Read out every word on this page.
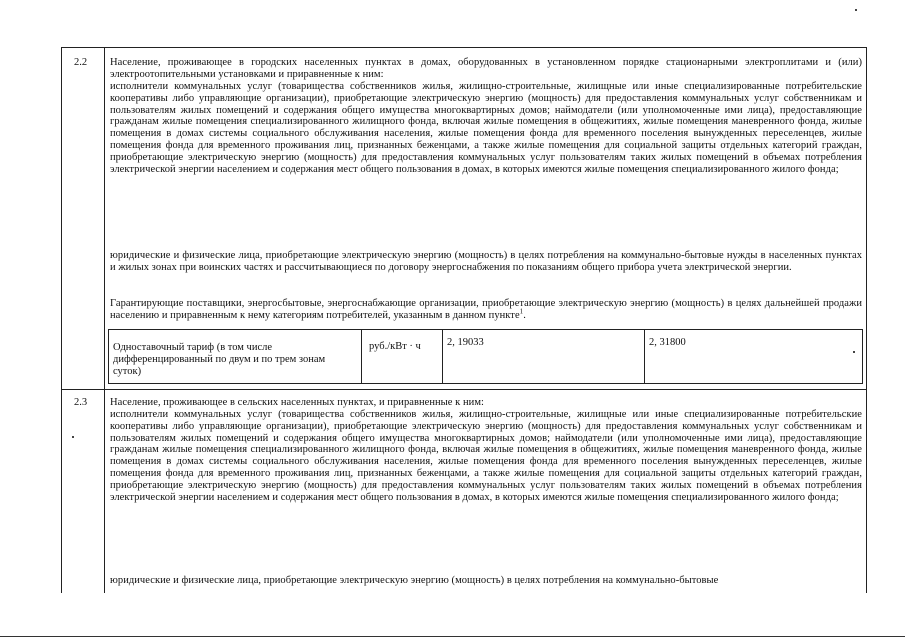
2.2 Население, проживающее в городских населенных пунктах в домах, оборудованных в установленном порядке стационарными электроплитами и (или) электроотопительными установками и приравненные к ним:
исполнители коммунальных услуг (товарищества собственников жилья, жилищно-строительные, жилищные или иные специализированные потребительские кооперативы либо управляющие организации), приобретающие электрическую энергию (мощность) для предоставления коммунальных услуг собственникам и пользователям жилых помещений и содержания общего имущества многоквартирных домов; наймодатели (или уполномоченные ими лица), предоставляющие гражданам жилые помещения специализированного жилищного фонда, включая жилые помещения в общежитиях, жилые помещения маневренного фонда, жилые помещения в домах системы социального обслуживания населения, жилые помещения фонда для временного поселения вынужденных переселенцев, жилые помещения фонда для временного проживания лиц, признанных беженцами, а также жилые помещения для социальной защиты отдельных категорий граждан, приобретающие электрическую энергию (мощность) для предоставления коммунальных услуг пользователям таких жилых помещений в объемах потребления электрической энергии населением и содержания мест общего пользования в домах, в которых имеются жилые помещения специализированного жилого фонда;
юридические и физические лица, приобретающие электрическую энергию (мощность) в целях потребления на коммунально-бытовые нужды в населенных пунктах и жилых зонах при воинских частях и рассчитывающиеся по договору энергоснабжения по показаниям общего прибора учета электрической энергии.
Гарантирующие поставщики, энергосбытовые, энергоснабжающие организации, приобретающие электрическую энергию (мощность) в целях дальнейшей продажи населению и приравненным к нему категориям потребителей, указанным в данном пункте$^1$.
Одноставочный тариф (в том числе дифференцированный по двум и по трем зонам суток)
руб./кВт · ч	2, 19033	2, 31800
2.3 Население, проживающее в сельских населенных пунктах, и приравненные к ним:
исполнители коммунальных услуг (товарищества собственников жилья, жилищно-строительные, жилищные или иные специализированные потребительские кооперативы либо управляющие организации), приобретающие электрическую энергию (мощность) для предоставления коммунальных услуг собственникам и пользователям жилых помещений и содержания общего имущества многоквартирных домов; наймодатели (или уполномоченные ими лица), предоставляющие гражданам жилые помещения специализированного жилищного фонда, включая жилые помещения в общежитиях, жилые помещения маневренного фонда, жилые помещения в домах системы социального обслуживания населения, жилые помещения фонда для временного поселения вынужденных переселенцев, жилые помещения фонда для временного проживания лиц, признанных беженцами, а также жилые помещения для социальной защиты отдельных категорий граждан, приобретающие электрическую энергию (мощность) для предоставления коммунальных услуг пользователям таких жилых помещений в объемах потребления электрической энергии населением и содержания мест общего пользования в домах, в которых имеются жилые помещения специализированного жилого фонда;
юридические и физические лица, приобретающие электрическую энергию (мощность) в целях потребления на коммунально-бытовые
